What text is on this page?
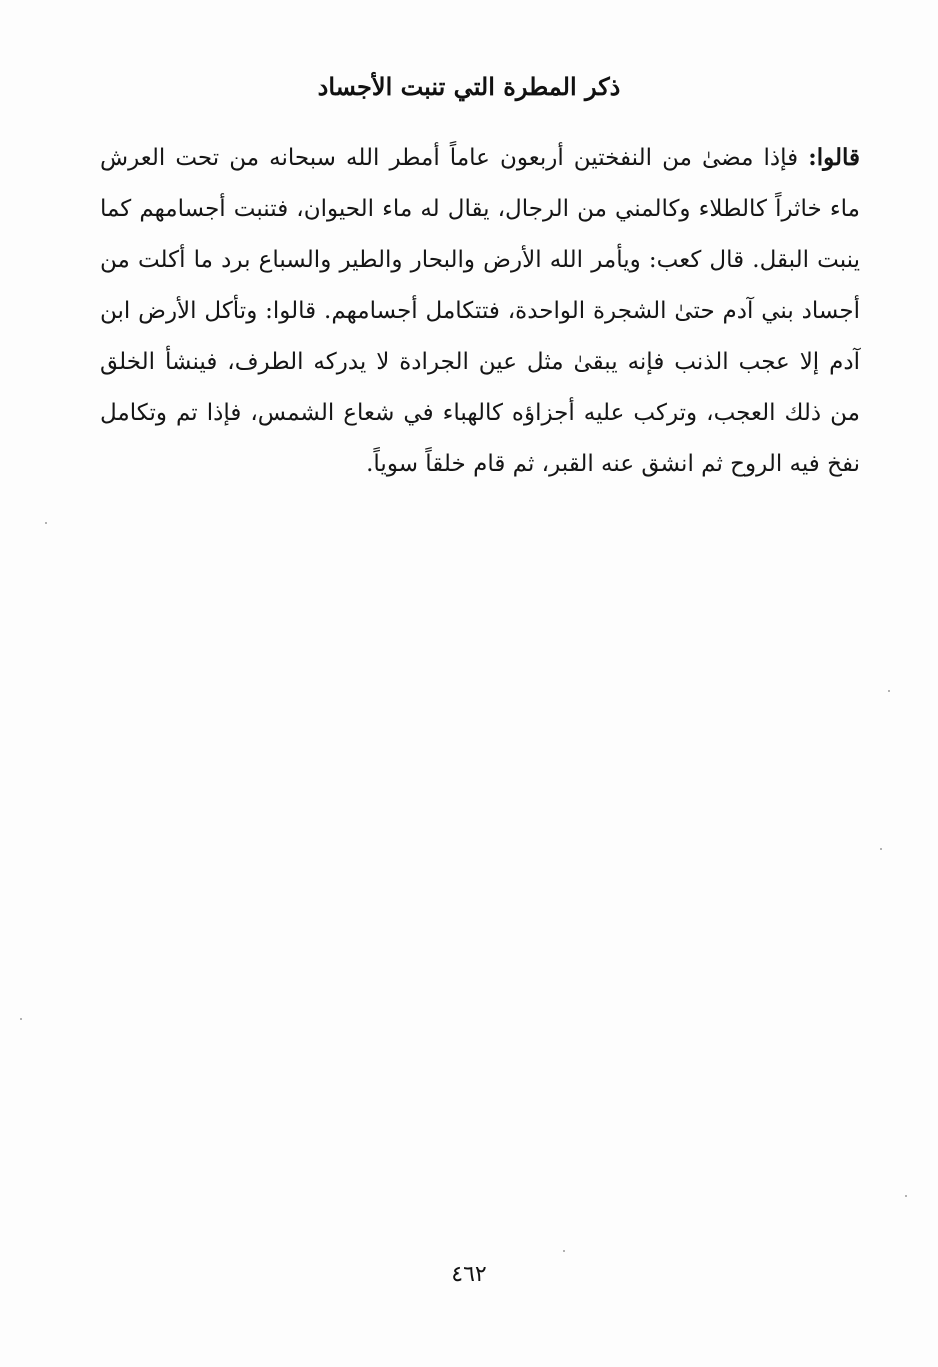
ذكر المطرة التي تنبت الأجساد
قالوا: فإذا مضىٰ من النفختين أربعون عاماً أمطر الله سبحانه من تحت العرش ماء خاثراً كالطلاء وكالمني من الرجال، يقال له ماء الحيوان، فتنبت أجسامهم كما ينبت البقل. قال كعب: ويأمر الله الأرض والبحار والطير والسباع برد ما أكلت من أجساد بني آدم حتىٰ الشجرة الواحدة، فتتكامل أجسامهم. قالوا: وتأكل الأرض ابن آدم إلا عجب الذنب فإنه يبقىٰ مثل عين الجرادة لا يدركه الطرف، فينشأ الخلق من ذلك العجب، وتركب عليه أجزاؤه كالهباء في شعاع الشمس، فإذا تم وتكامل نفخ فيه الروح ثم انشق عنه القبر، ثم قام خلقاً سوياً.
٤٦٢
